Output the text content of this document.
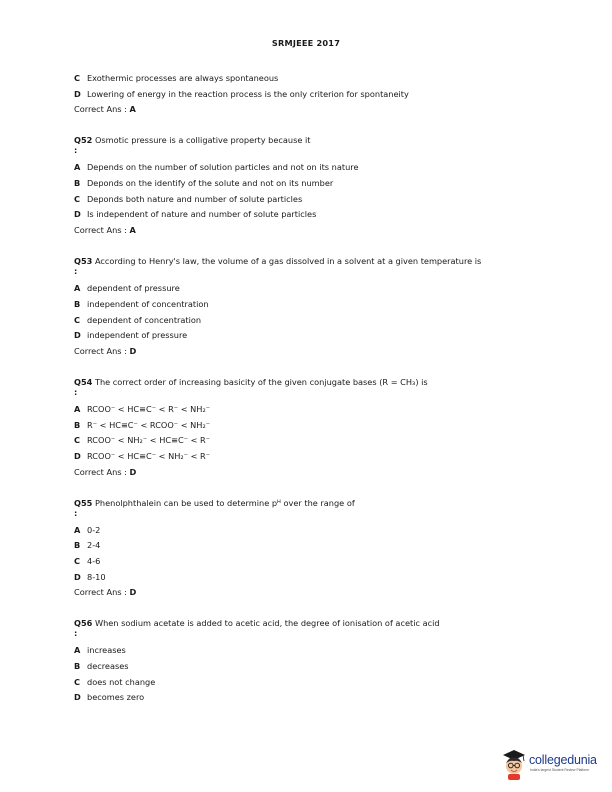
SRMJEEE 2017
C Exothermic processes are always spontaneous
D Lowering of energy in the reaction process is the only criterion for spontaneity
Correct Ans : A
Q52 Osmotic pressure is a colligative property because it
:
A Depends on the number of solution particles and not on its nature
B Deponds on the identify of the solute and not on its number
C Deponds both nature and number of solute particles
D Is independent of nature and number of solute particles
Correct Ans : A
Q53 According to Henry's law, the volume of a gas dissolved in a solvent at a given temperature is
:
A dependent of pressure
B independent of concentration
C dependent of concentration
D independent of pressure
Correct Ans : D
Q54 The correct order of increasing basicity of the given conjugate bases (R = CH₃) is
:
A RCOO⁻ < HC≡C⁻ < R⁻ < NH₂⁻
B R⁻ < HC≡C⁻ < RCOO⁻ < NH₂⁻
C RCOO⁻ < NH₂⁻ < HC≡C⁻ < R⁻
D RCOO⁻ < HC≡C⁻ < NH₂⁻ < R⁻
Correct Ans : D
Q55 Phenolphthalein can be used to determine pᴴ over the range of
:
A 0-2
B 2-4
C 4-6
D 8-10
Correct Ans : D
Q56 When sodium acetate is added to acetic acid, the degree of ionisation of acetic acid
:
A increases
B decreases
C does not change
D becomes zero
collegedunia
India's largest Student Review Platform
